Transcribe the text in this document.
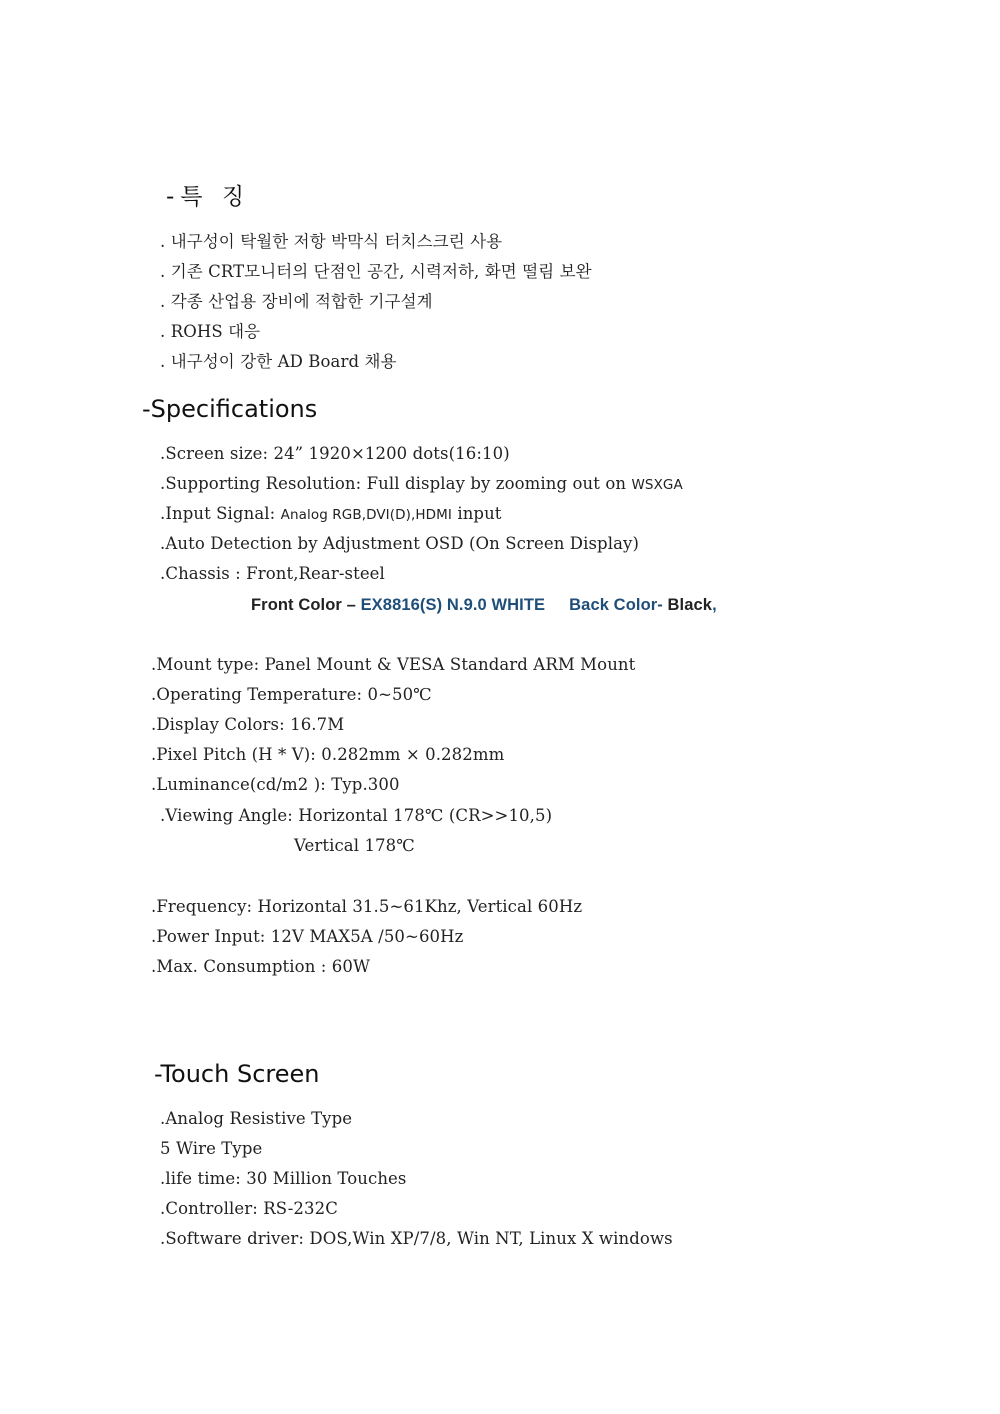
-특 징
. 내구성이 탁월한 저항 박막식 터치스크린 사용
. 기존 CRT모니터의 단점인 공간, 시력저하, 화면 떨림 보완
. 각종 산업용 장비에 적합한 기구설계
. ROHS 대응
. 내구성이 강한 AD Board 채용
-Specifications
.Screen size: 24” 1920×1200 dots(16:10)
.Supporting Resolution: Full display by zooming out on WSXGA
.Input Signal: Analog RGB,DVI(D),HDMI input
.Auto Detection by Adjustment OSD (On Screen Display)
.Chassis : Front,Rear-steel
Front Color – EX8816(S) N.9.0 WHITE Back Color- Black,
.Mount type: Panel Mount & VESA Standard ARM Mount
.Operating Temperature: 0~50℃
.Display Colors: 16.7M
.Pixel Pitch (H * V): 0.282mm × 0.282mm
.Luminance(cd/m2 ): Typ.300
.Viewing Angle: Horizontal 178℃ (CR>>10,5)
Vertical 178℃
.Frequency: Horizontal 31.5~61Khz, Vertical 60Hz
.Power Input: 12V MAX5A /50~60Hz
.Max. Consumption : 60W
-Touch Screen
.Analog Resistive Type
5 Wire Type
.life time: 30 Million Touches
.Controller: RS-232C
.Software driver: DOS,Win XP/7/8, Win NT, Linux X windows
